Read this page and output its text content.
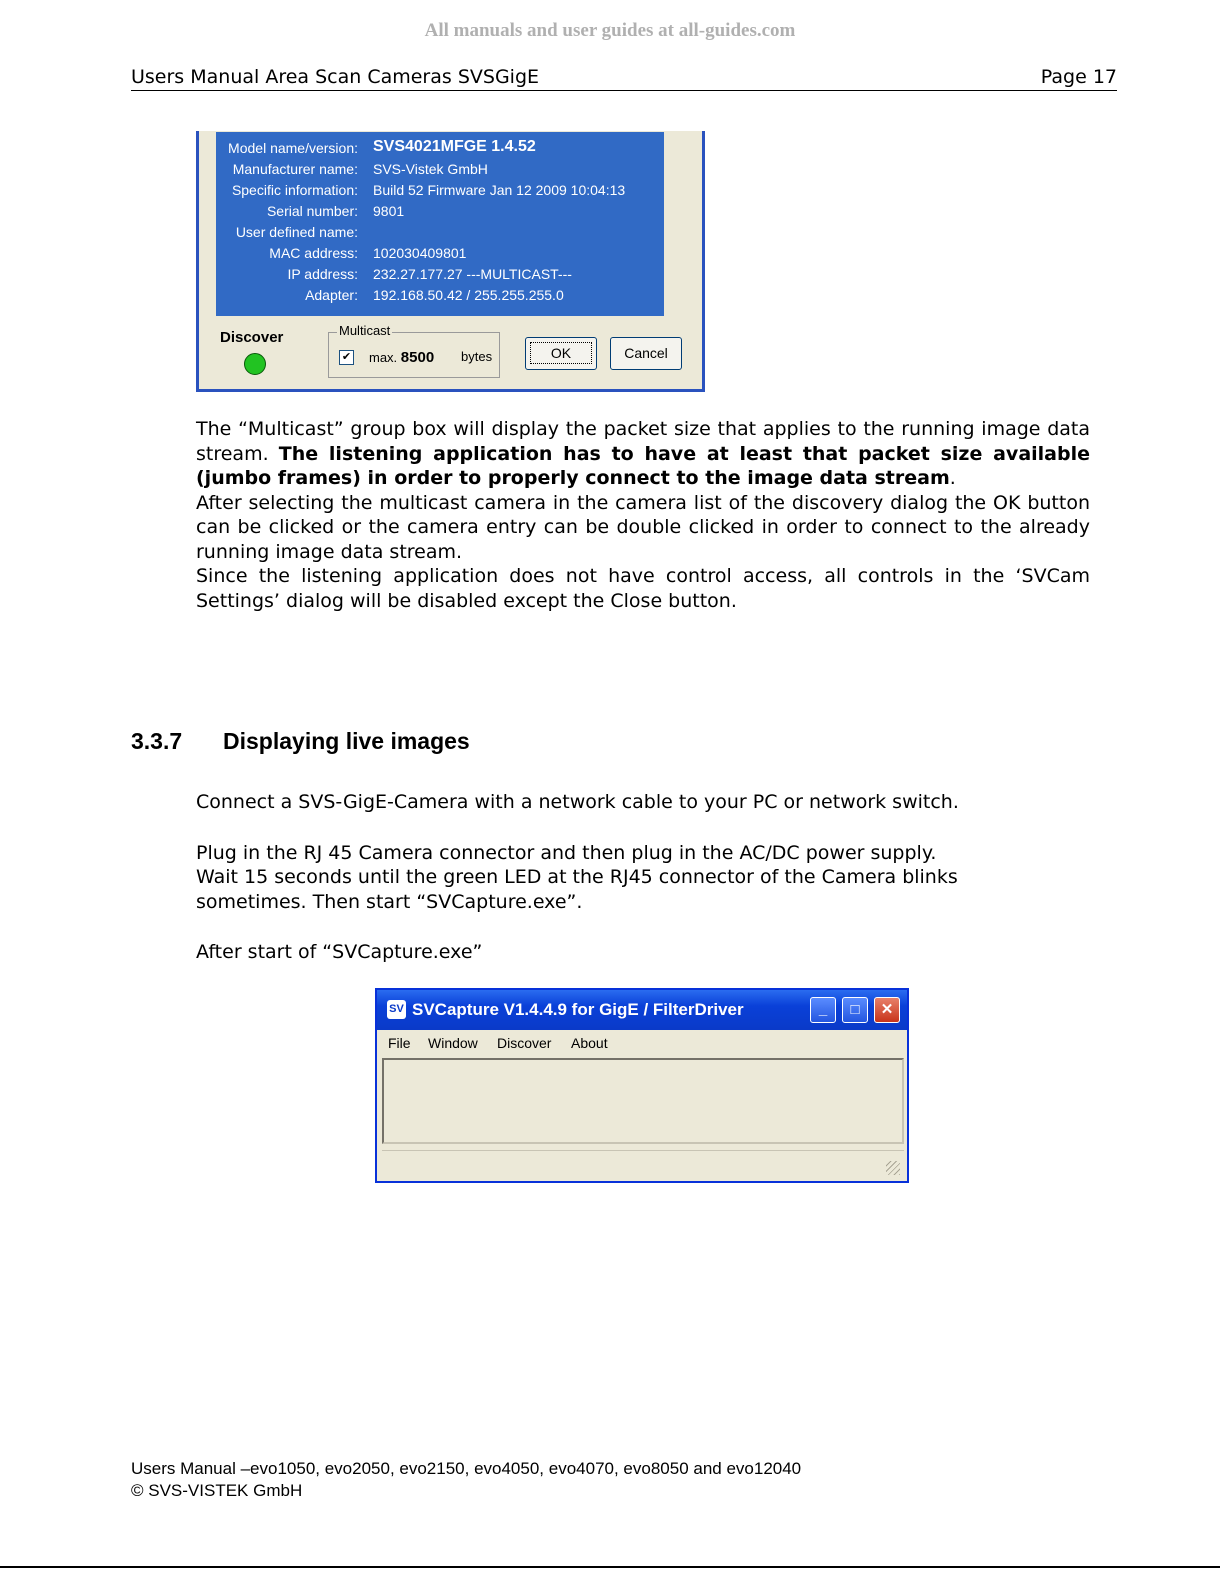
All manuals and user guides at all-guides.com
Users Manual Area Scan Cameras SVSGigE	Page 17
Model name/version: SVS4021MFGE 1.4.52
Manufacturer name: SVS-Vistek GmbH
Specific information: Build 52 Firmware Jan 12 2009 10:04:13
Serial number: 9801
User defined name:
MAC address: 102030409801
IP address: 232.27.177.27 ---MULTICAST---
Adapter: 192.168.50.42 / 255.255.255.0
Discover	Multicast
✔ max. 8500 bytes	OK	Cancel

The “Multicast” group box will display the packet size that applies to the running image data stream. The listening application has to have at least that packet size available (jumbo frames) in order to properly connect to the image data stream.

After selecting the multicast camera in the camera list of the discovery dialog the OK button can be clicked or the camera entry can be double clicked in order to connect to the already running image data stream.

Since the listening application does not have control access, all controls in the ‘SVCam Settings’ dialog will be disabled except the Close button.

3.3.7 Displaying live images
Connect a SVS-GigE-Camera with a network cable to your PC or network switch.
Plug in the RJ 45 Camera connector and then plug in the AC/DC power supply.
Wait 15 seconds until the green LED at the RJ45 connector of the Camera blinks
sometimes. Then start “SVCapture.exe”.
After start of “SVCapture.exe”
SV SVCapture V1.4.4.9 for GigE / FilterDriver	_	□	✕
File Window Discover About
Users Manual –evo1050, evo2050, evo2150, evo4050, evo4070, evo8050 and evo12040
© SVS-VISTEK GmbH
